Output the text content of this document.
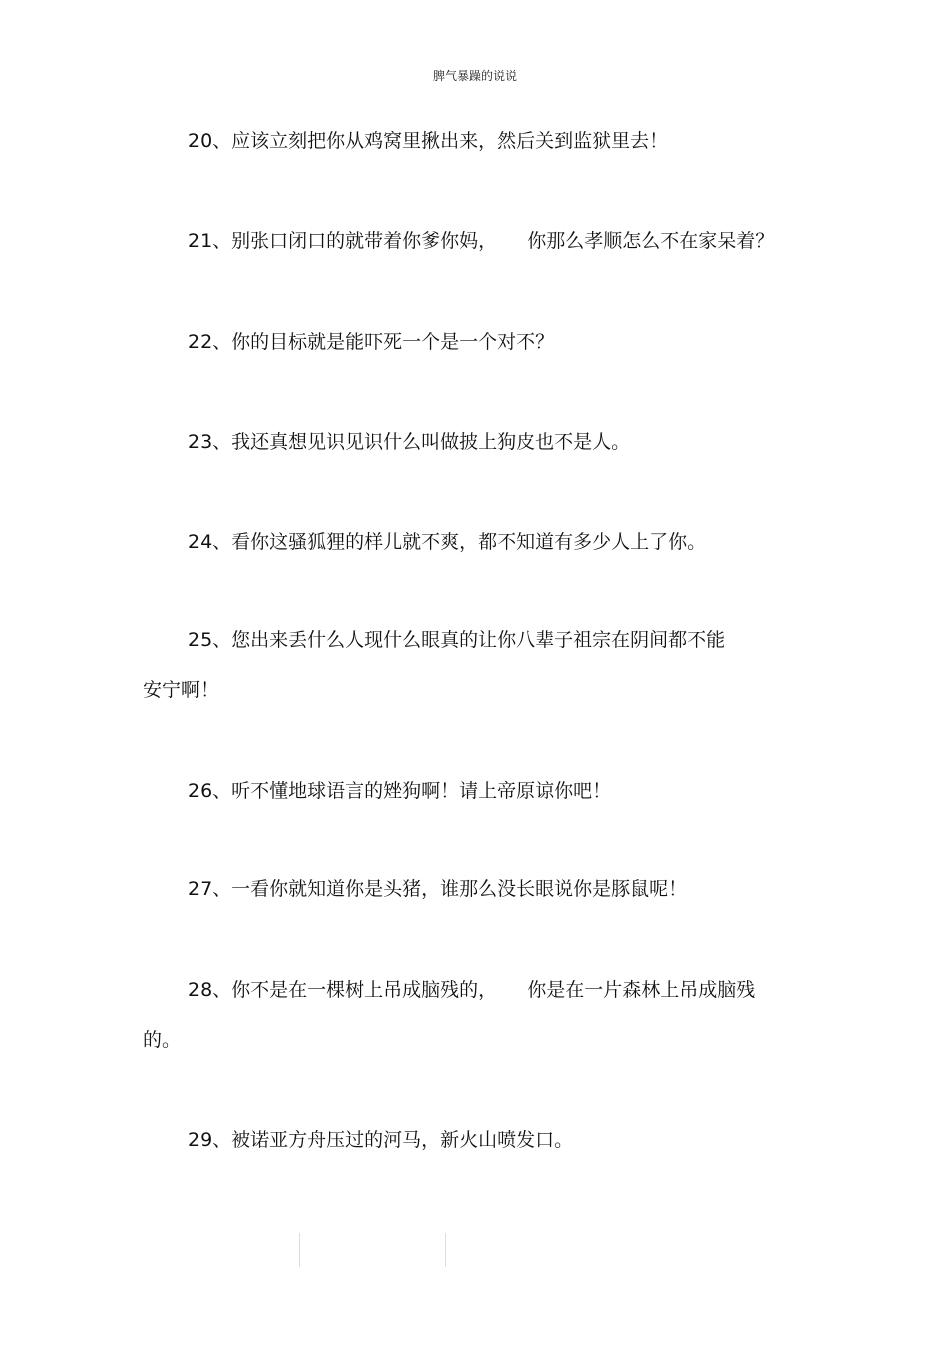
脾气暴躁的说说
20、应该立刻把你从鸡窝里揪出来，然后关到监狱里去！
21、别张口闭口的就带着你爹你妈， 你那么孝顺怎么不在家呆着？
22、你的目标就是能吓死一个是一个对不？
23、我还真想见识见识什么叫做披上狗皮也不是人。
24、看你这骚狐狸的样儿就不爽，都不知道有多少人上了你。
25、您出来丢什么人现什么眼真的让你八辈子祖宗在阴间都不能
安宁啊！
26、听不懂地球语言的矬狗啊！请上帝原谅你吧！
27、一看你就知道你是头猪，谁那么没长眼说你是豚鼠呢！
28、你不是在一棵树上吊成脑残的， 你是在一片森林上吊成脑残
的。
29、被诺亚方舟压过的河马，新火山喷发口。
